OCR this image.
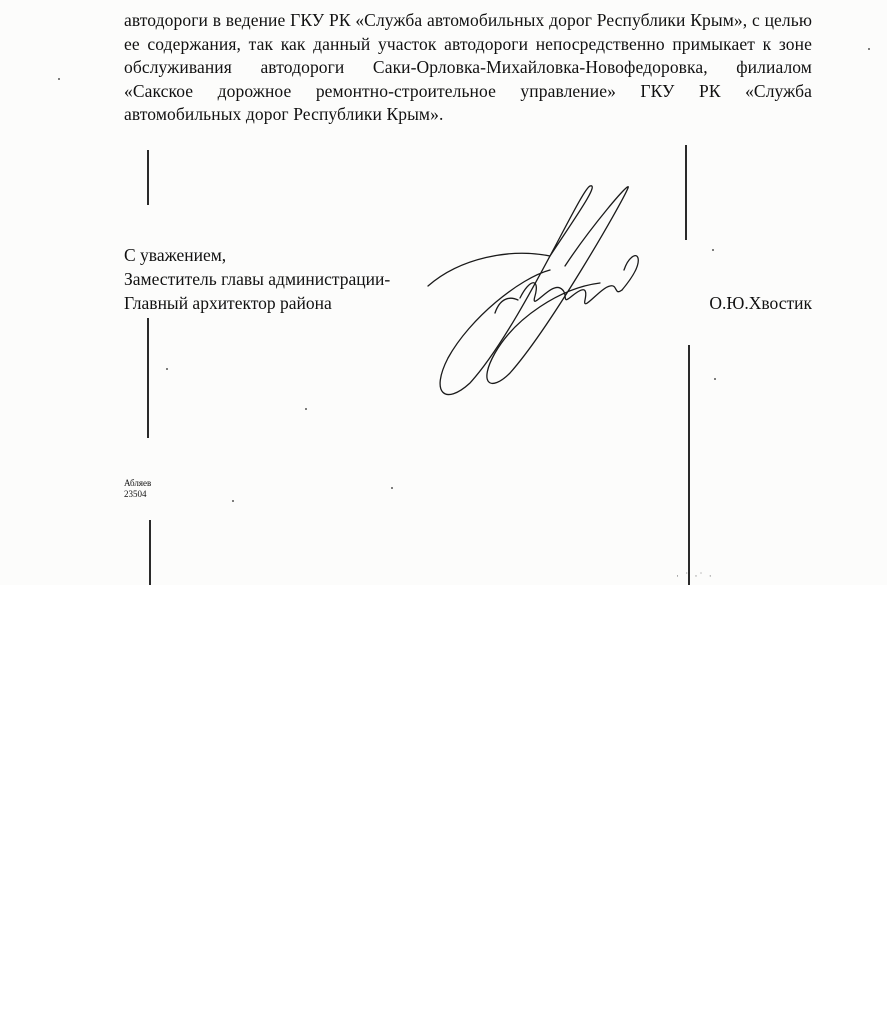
· ˙ ·˙ ·

автодороги в ведение ГКУ РК «Служба автомобильных дорог Республики Крым», с целью ее содержания, так как данный участок автодороги непосредственно примыкает к зоне обслуживания автодороги Саки-Орловка-Михайловка-Новофедоровка, филиалом «Сакское дорожное ремонтно-строительное управление» ГКУ РК «Служба автомобильных дорог Республики Крым».

С уважением,
Заместитель главы администрации-
Главный архитектор района	О.Ю.Хвостик
Абляев
23504
